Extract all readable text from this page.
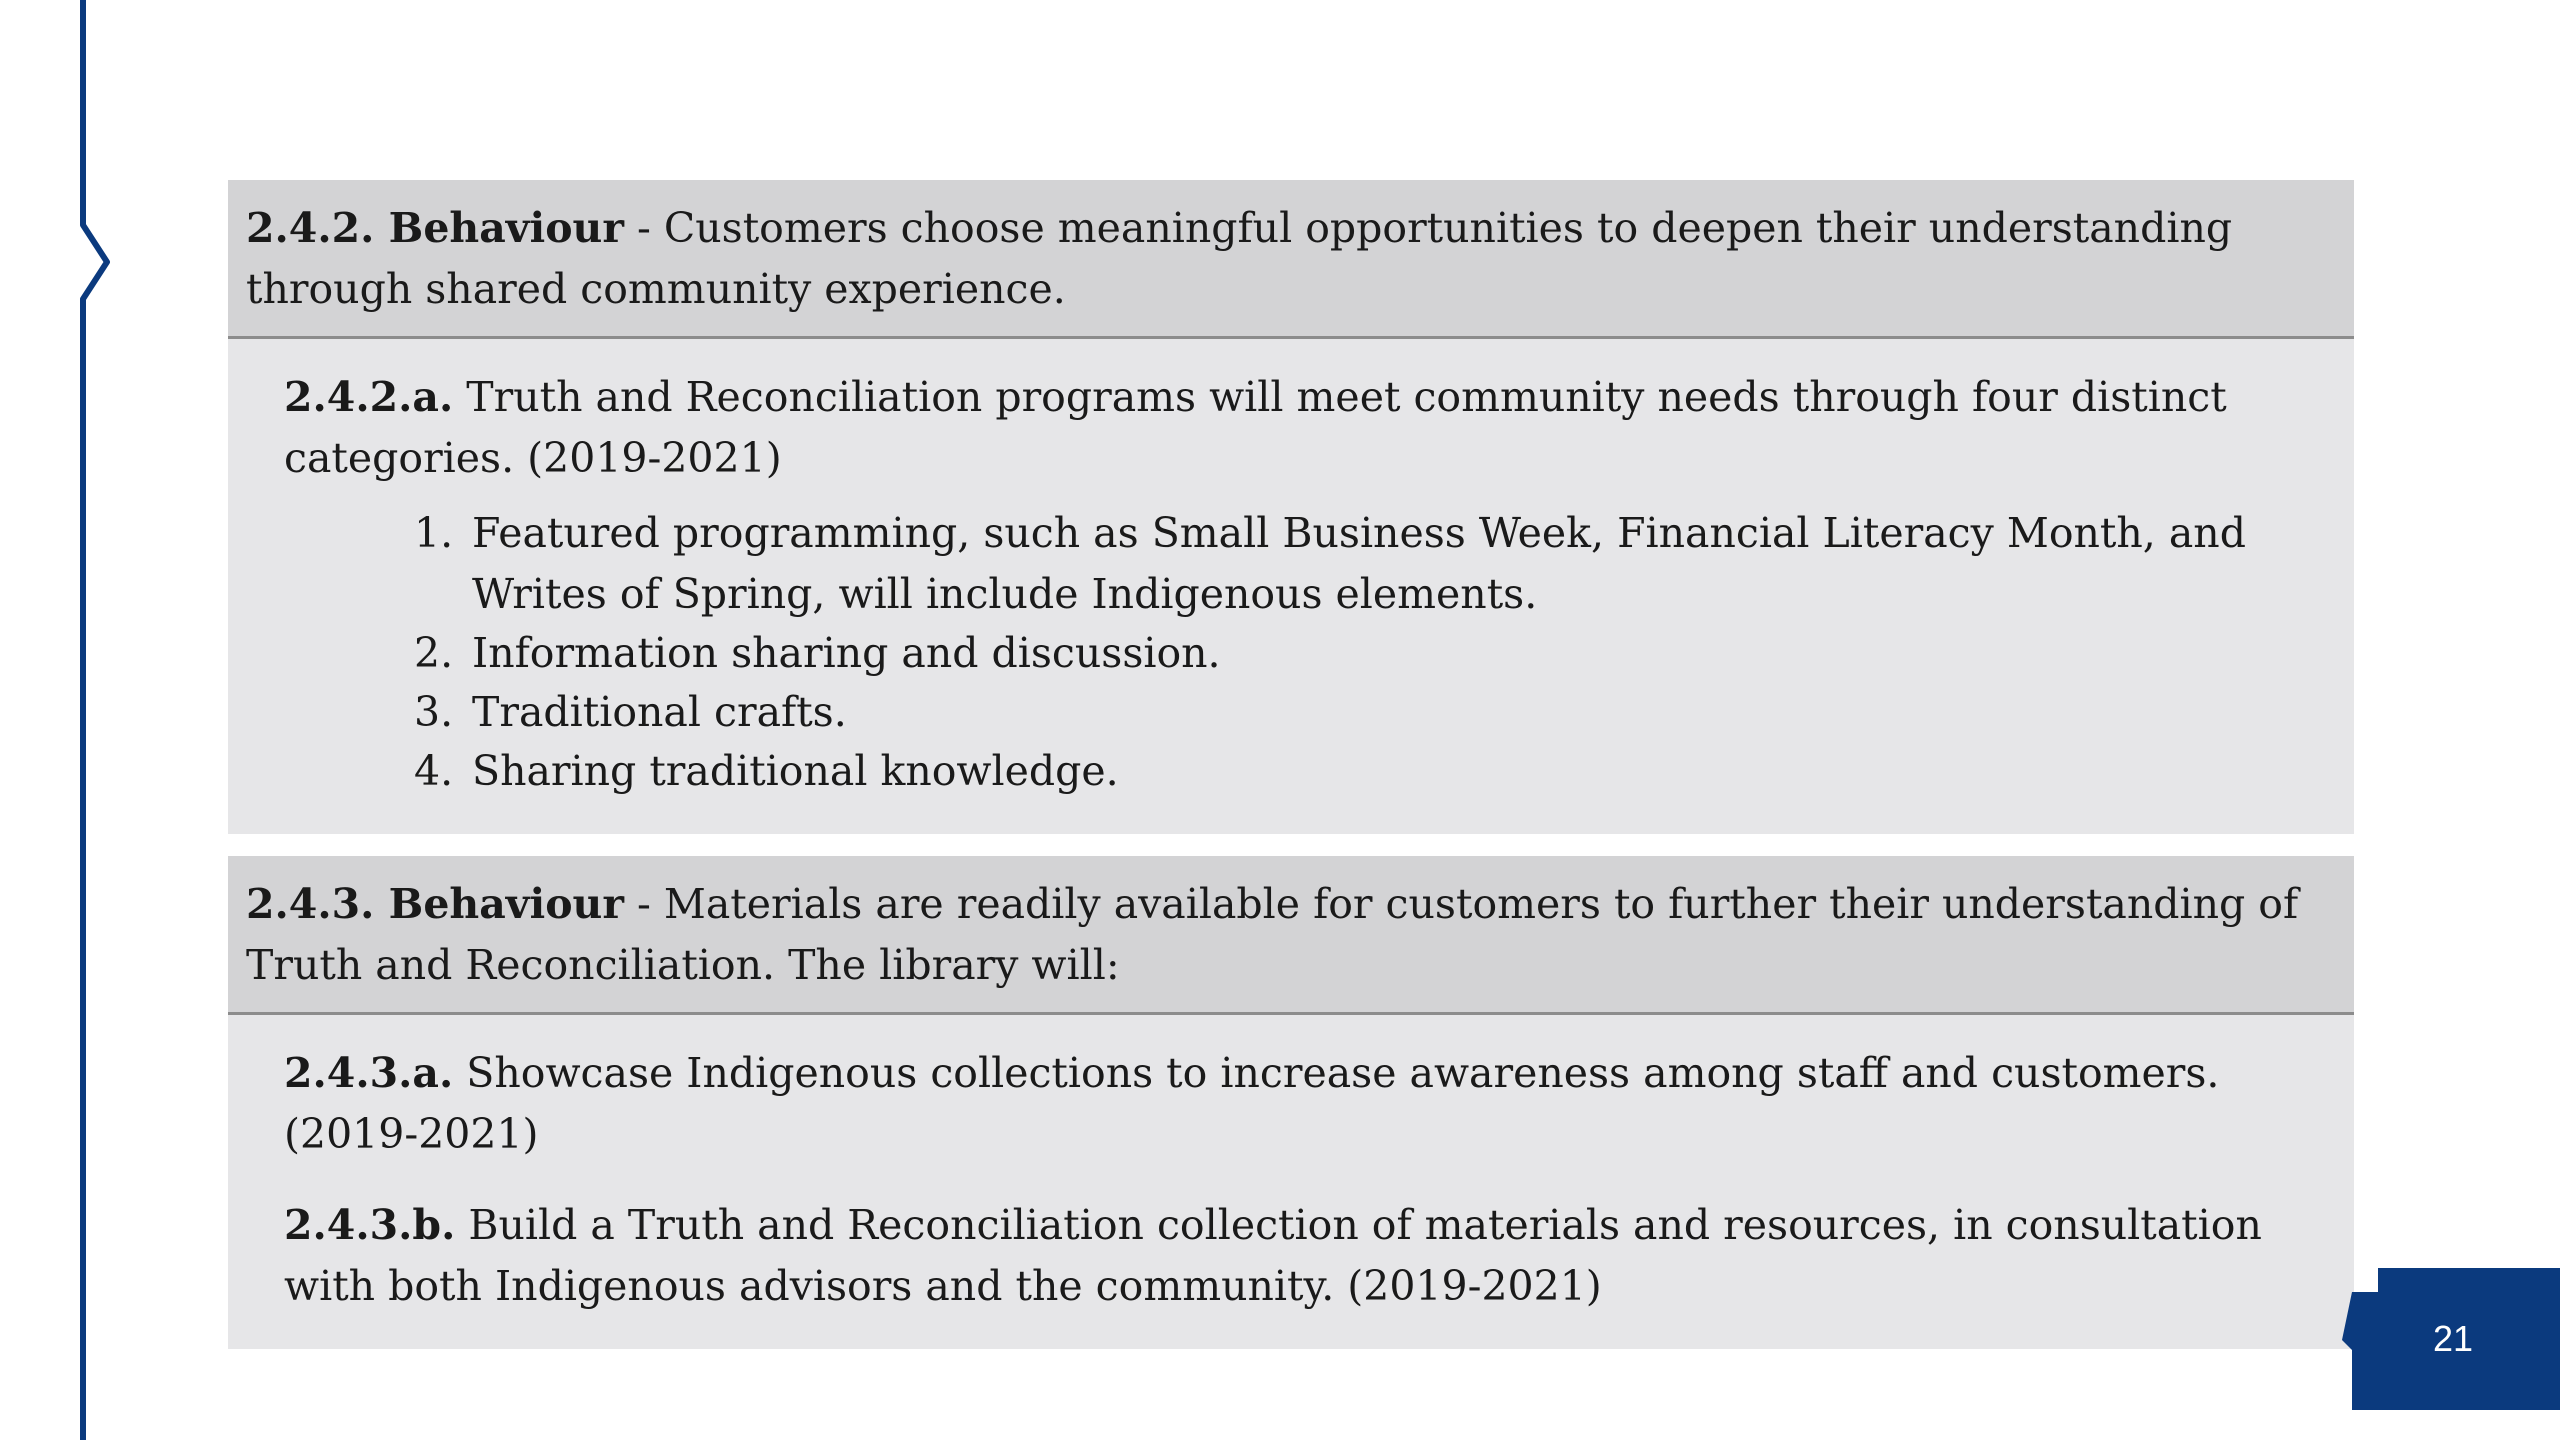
2.4.2. Behaviour - Customers choose meaningful opportunities to deepen their understanding through shared community experience.
2.4.2.a. Truth and Reconciliation programs will meet community needs through four distinct categories. (2019-2021)
1. Featured programming, such as Small Business Week, Financial Literacy Month, and Writes of Spring, will include Indigenous elements.
2. Information sharing and discussion.
3. Traditional crafts.
4. Sharing traditional knowledge.
2.4.3. Behaviour - Materials are readily available for customers to further their understanding of Truth and Reconciliation. The library will:
2.4.3.a. Showcase Indigenous collections to increase awareness among staff and customers. (2019-2021)
2.4.3.b. Build a Truth and Reconciliation collection of materials and resources, in consultation with both Indigenous advisors and the community. (2019-2021)
21
